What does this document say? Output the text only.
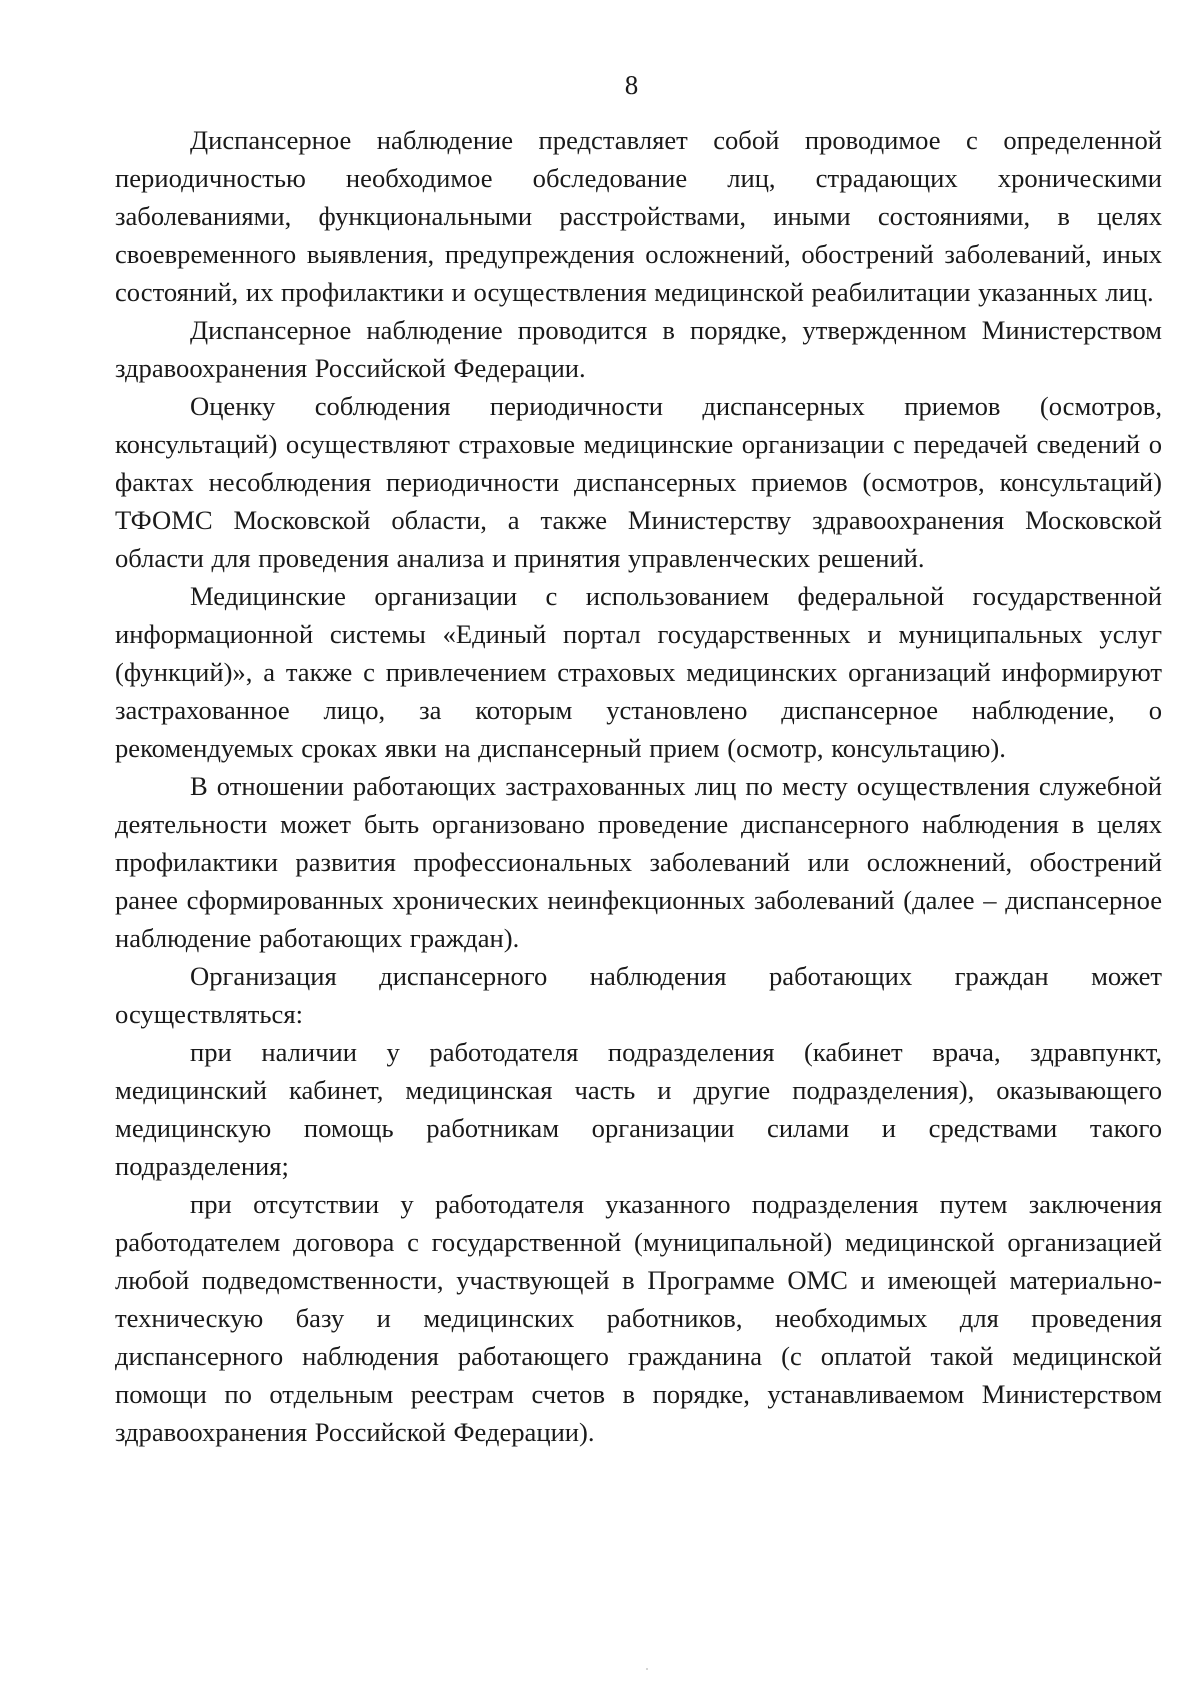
8

Диспансерное наблюдение представляет собой проводимое с определенной периодичностью необходимое обследование лиц, страдающих хроническими заболеваниями, функциональными расстройствами, иными состояниями, в целях своевременного выявления, предупреждения осложнений, обострений заболеваний, иных состояний, их профилактики и осуществления медицинской реабилитации указанных лиц.

Диспансерное наблюдение проводится в порядке, утвержденном Министерством здравоохранения Российской Федерации.

Оценку соблюдения периодичности диспансерных приемов (осмотров, консультаций) осуществляют страховые медицинские организации с передачей сведений о фактах несоблюдения периодичности диспансерных приемов (осмотров, консультаций) ТФОМС Московской области, а также Министерству здравоохранения Московской области для проведения анализа и принятия управленческих решений.

Медицинские организации с использованием федеральной государственной информационной системы «Единый портал государственных и муниципальных услуг (функций)», а также с привлечением страховых медицинских организаций информируют застрахованное лицо, за которым установлено диспансерное наблюдение, о рекомендуемых сроках явки на диспансерный прием (осмотр, консультацию).

В отношении работающих застрахованных лиц по месту осуществления служебной деятельности может быть организовано проведение диспансерного наблюдения в целях профилактики развития профессиональных заболеваний или осложнений, обострений ранее сформированных хронических неинфекционных заболеваний (далее – диспансерное наблюдение работающих граждан).

Организация диспансерного наблюдения работающих граждан может осуществляться:

при наличии у работодателя подразделения (кабинет врача, здравпункт, медицинский кабинет, медицинская часть и другие подразделения), оказывающего медицинскую помощь работникам организации силами и средствами такого подразделения;

при отсутствии у работодателя указанного подразделения путем заключения работодателем договора с государственной (муниципальной) медицинской организацией любой подведомственности, участвующей в Программе ОМС и имеющей материально-техническую базу и медицинских работников, необходимых для проведения диспансерного наблюдения работающего гражданина (с оплатой такой медицинской помощи по отдельным реестрам счетов в порядке, устанавливаемом Министерством здравоохранения Российской Федерации).
